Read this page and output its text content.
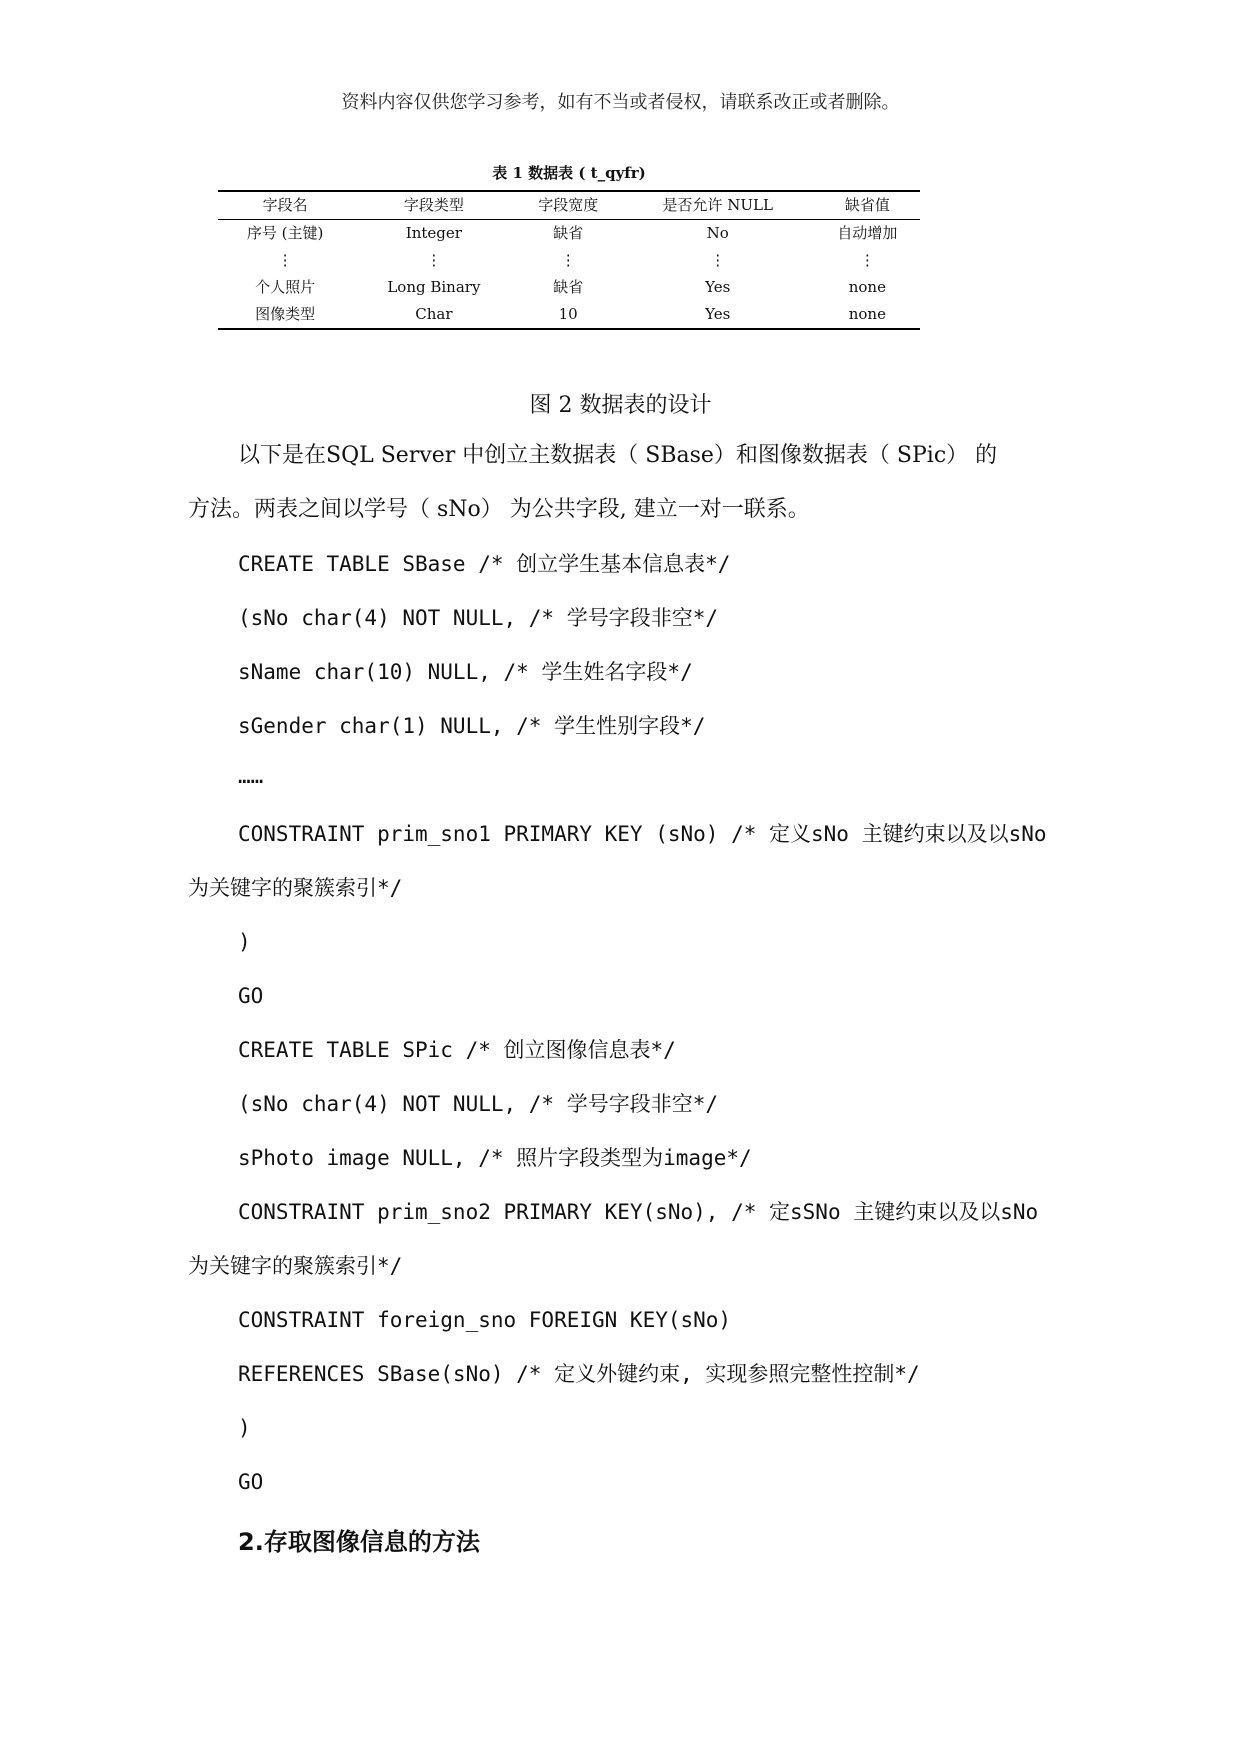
资料内容仅供您学习参考，如有不当或者侵权，请联系改正或者删除。
表 1 数据表 ( t_qyfr)
字段名	字段类型	字段宽度	是否允许 NULL	缺省值
序号 (主键)	Integer	缺省	No	自动增加
⋮	⋮	⋮	⋮	⋮
个人照片	Long Binary	缺省	Yes	none
图像类型	Char	10	Yes	none
图 2 数据表的设计
以下是在SQL Server 中创立主数据表（ SBase）和图像数据表（ SPic） 的
方法。两表之间以学号（ sNo） 为公共字段, 建立一对一联系。
CREATE TABLE SBase /* 创立学生基本信息表*/
(sNo char(4) NOT NULL, /* 学号字段非空*/
sName char(10) NULL, /* 学生姓名字段*/
sGender char(1) NULL, /* 学生性别字段*/
……
CONSTRAINT prim_sno1 PRIMARY KEY (sNo) /* 定义sNo 主键约束以及以sNo
为关键字的聚簇索引*/
)
GO
CREATE TABLE SPic /* 创立图像信息表*/
(sNo char(4) NOT NULL, /* 学号字段非空*/
sPhoto image NULL, /* 照片字段类型为image*/
CONSTRAINT prim_sno2 PRIMARY KEY(sNo), /* 定sSNo 主键约束以及以sNo
为关键字的聚簇索引*/
CONSTRAINT foreign_sno FOREIGN KEY(sNo)
REFERENCES SBase(sNo) /* 定义外键约束, 实现参照完整性控制*/
)
GO
2.存取图像信息的方法
